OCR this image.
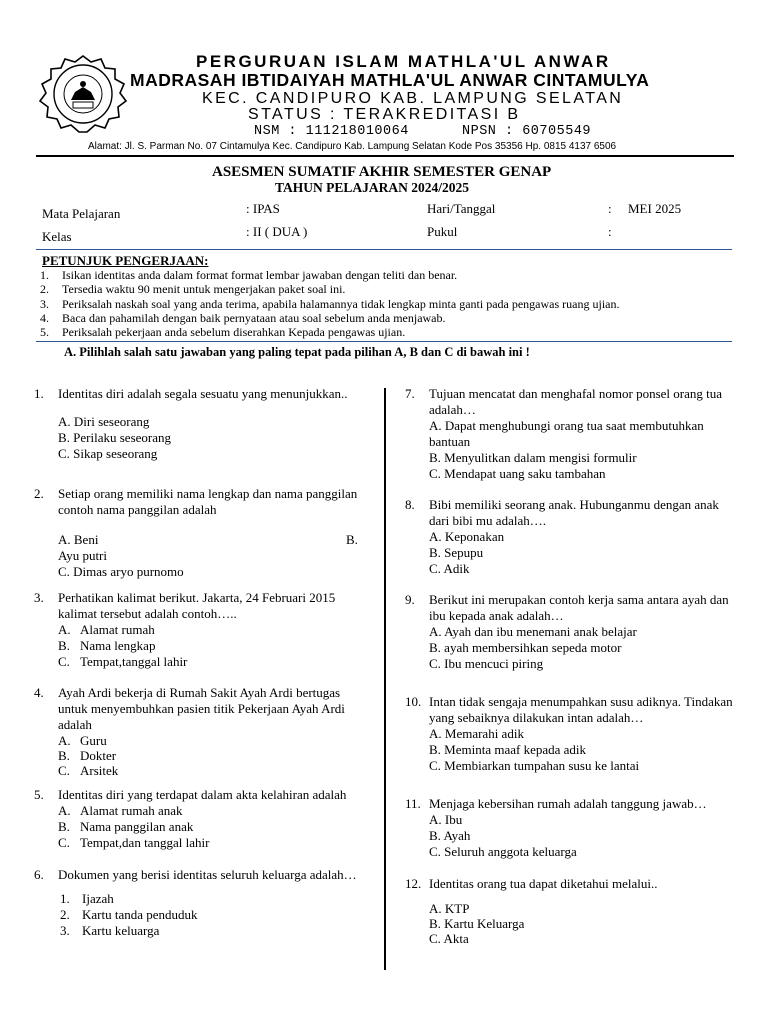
PERGURUAN ISLAM MATHLA'UL ANWAR
MADRASAH IBTIDAIYAH MATHLA'UL ANWAR CINTAMULYA
KEC. CANDIPURO KAB. LAMPUNG SELATAN
STATUS : TERAKREDITASI B
NSM : 111218010064	NPSN : 60705549
Alamat: Jl. S. Parman No. 07 Cintamulya Kec. Candipuro Kab. Lampung Selatan Kode Pos 35356 Hp. 0815 4137 6506
ASESMEN SUMATIF AKHIR SEMESTER GENAP
TAHUN PELAJARAN 2024/2025
Mata Pelajaran	: IPAS	Hari/Tanggal	: MEI 2025
Kelas	: II ( DUA )	Pukul	:
PETUNJUK PENGERJAAN:
1.	Isikan identitas anda dalam format format lembar jawaban dengan teliti dan benar.
2.	Tersedia waktu 90 menit untuk mengerjakan paket soal ini.
3.	Periksalah naskah soal yang anda terima, apabila halamannya tidak lengkap minta ganti pada pengawas ruang ujian.
4.	Baca dan pahamilah dengan baik pernyataan atau soal sebelum anda menjawab.
5.	Periksalah pekerjaan anda sebelum diserahkan Kepada pengawas ujian.
A. Pilihlah salah satu jawaban yang paling tepat pada pilihan A, B dan C di bawah ini !
1.	Identitas diri adalah segala sesuatu yang menunjukkan..
A. Diri seseorang
B. Perilaku seseorang
C. Sikap seseorang
2.	Setiap orang memiliki nama lengkap dan nama panggilan contoh nama panggilan adalah
A. Beni	B.
Ayu putri
C. Dimas aryo purnomo
3.	Perhatikan kalimat berikut. Jakarta, 24 Februari 2015 kalimat tersebut adalah contoh…..
A. Alamat rumah
B. Nama lengkap
C. Tempat,tanggal lahir
4.	Ayah Ardi bekerja di Rumah Sakit Ayah Ardi bertugas untuk menyembuhkan pasien titik Pekerjaan Ayah Ardi adalah
A. Guru
B. Dokter
C. Arsitek
5.	Identitas diri yang terdapat dalam akta kelahiran adalah
A. Alamat rumah anak
B. Nama panggilan anak
C. Tempat,dan tanggal lahir
6.	Dokumen yang berisi identitas seluruh keluarga adalah…
1. Ijazah
2. Kartu tanda penduduk
3. Kartu keluarga
7.	Tujuan mencatat dan menghafal nomor ponsel orang tua adalah…
A. Dapat menghubungi orang tua saat membutuhkan bantuan
B. Menyulitkan dalam mengisi formulir
C. Mendapat uang saku tambahan
8.	Bibi memiliki seorang anak. Hubunganmu dengan anak dari bibi mu adalah….
A. Keponakan
B. Sepupu
C. Adik
9.	Berikut ini merupakan contoh kerja sama antara ayah dan ibu kepada anak adalah…
A. Ayah dan ibu menemani anak belajar
B. ayah membersihkan sepeda motor
C. Ibu mencuci piring
10. Intan tidak sengaja menumpahkan susu adiknya. Tindakan yang sebaiknya dilakukan intan adalah…
A. Memarahi adik
B. Meminta maaf kepada adik
C. Membiarkan tumpahan susu ke lantai
11. Menjaga kebersihan rumah adalah tanggung jawab…
A. Ibu
B. Ayah
C. Seluruh anggota keluarga
12. Identitas orang tua dapat diketahui melalui..
A. KTP
B. Kartu Keluarga
C. Akta
